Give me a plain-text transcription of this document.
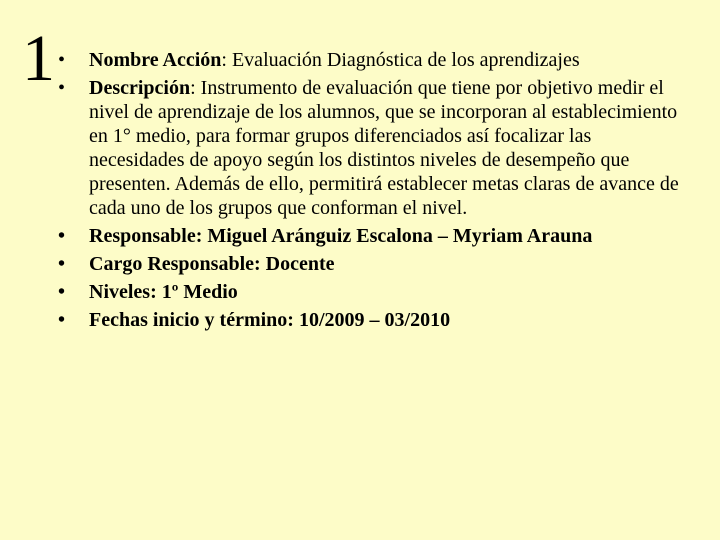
1 • Nombre Acción: Evaluación Diagnóstica de los aprendizajes
• Descripción: Instrumento de evaluación que tiene por objetivo medir el nivel de aprendizaje de los alumnos, que se incorporan al establecimiento en 1° medio, para formar grupos diferenciados así focalizar las necesidades de apoyo según los distintos niveles de desempeño que presenten. Además de ello, permitirá establecer metas claras de avance de cada uno de los grupos que conforman el nivel.
• Responsable: Miguel Aránguiz Escalona – Myriam Arauna
• Cargo Responsable: Docente
• Niveles: 1º Medio
• Fechas inicio y término: 10/2009 – 03/2010
